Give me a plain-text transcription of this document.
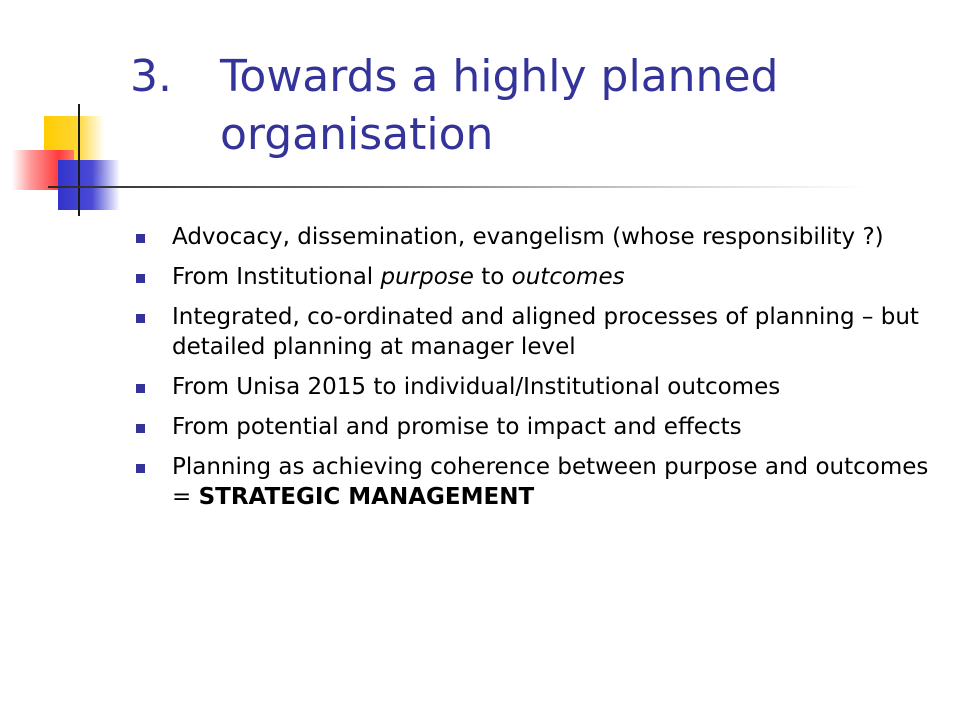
3. Towards a highly planned organisation
Advocacy, dissemination, evangelism (whose responsibility ?)
From Institutional purpose to outcomes
Integrated, co-ordinated and aligned processes of planning – but detailed planning at manager level
From Unisa 2015 to individual/Institutional outcomes
From potential and promise to impact and effects
Planning as achieving coherence between purpose and outcomes = STRATEGIC MANAGEMENT
